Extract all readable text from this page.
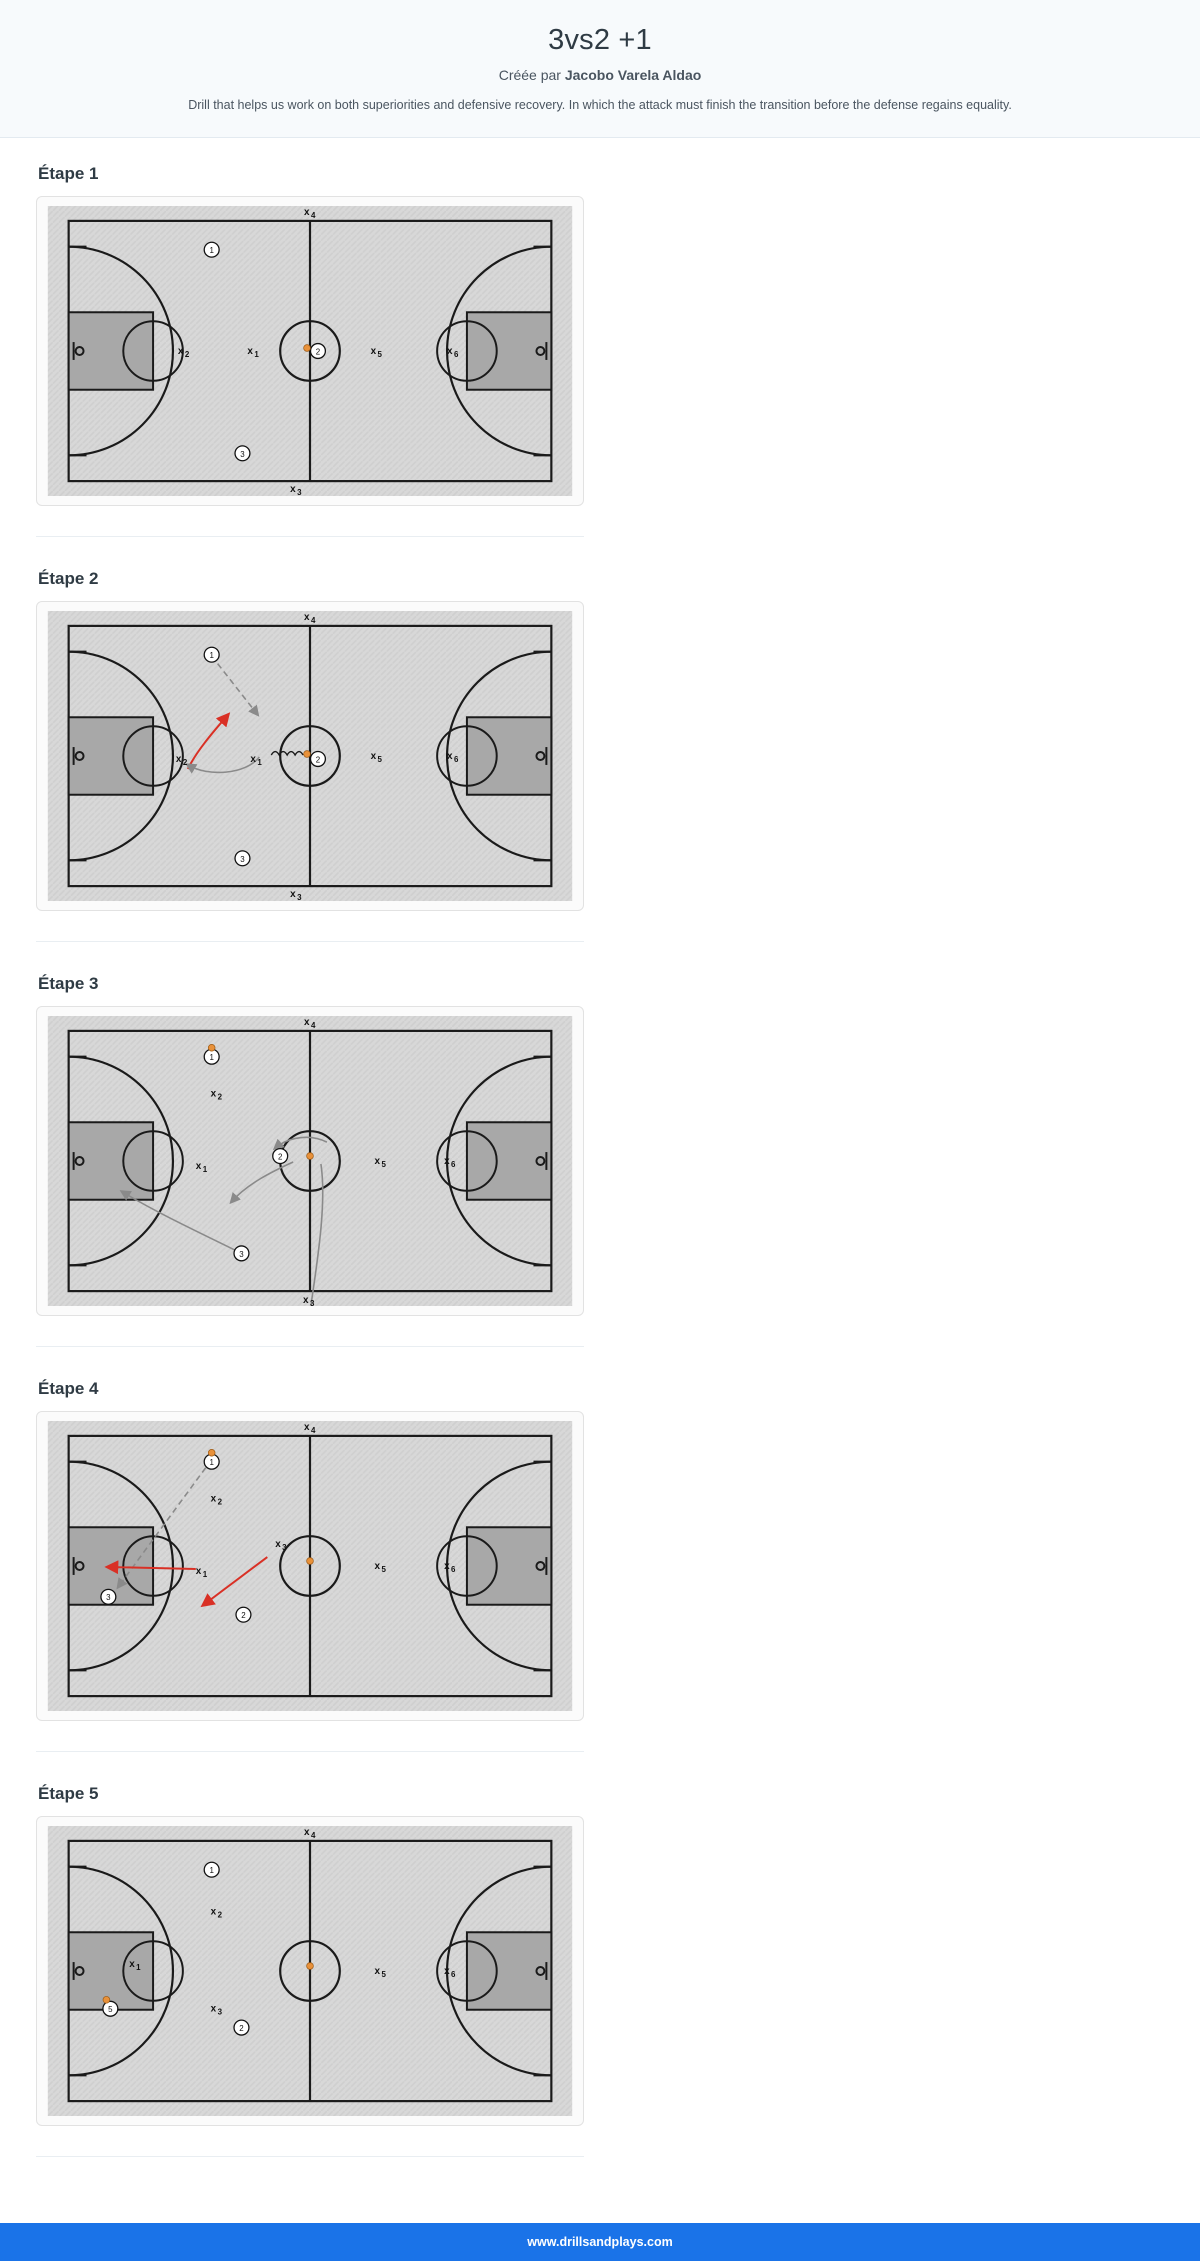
3vs2 +1
Créée par Jacobo Varela Aldao
Drill that helps us work on both superiorities and defensive recovery. In which the attack must finish the transition before the defense regains equality.
Étape 1
x 4
1
x 2	x 1	2	x 5	x 6
3
x 3
Étape 2
x 4
1
x 2	x 1	2	x 5	x 6
3
x 3
Étape 3
x 4
1
x 2
2
x 1
x 5	x 6
3
x 3
Étape 4
x 4
1
x 2
x 3
x 1
3
2
x 5	x 6
Étape 5
x 4
1
x 2
x 1
5	x 3
2
x 5	x 6
www.drillsandplays.com
